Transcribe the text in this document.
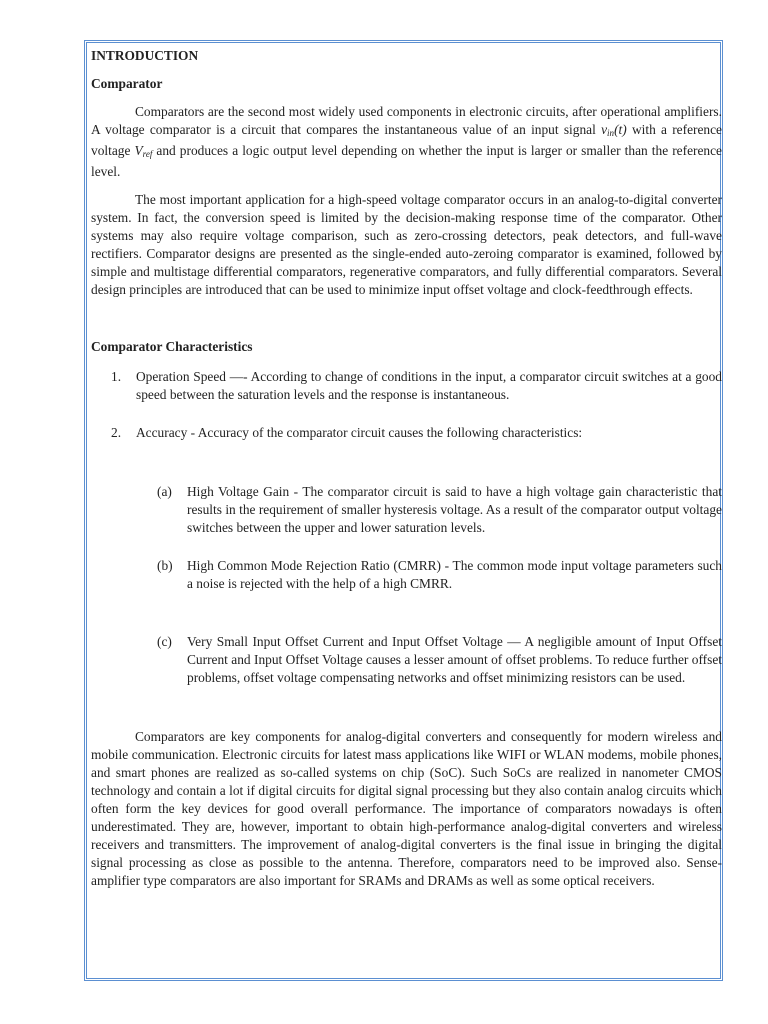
INTRODUCTION
Comparator

Comparators are the second most widely used components in electronic circuits, after operational amplifiers. A voltage comparator is a circuit that compares the instantaneous value of an input signal $v_{in}(t)$ with a reference voltage $V_{ref}$ and produces a logic output level depending on whether the input is larger or smaller than the reference level.

The most important application for a high-speed voltage comparator occurs in an analog-to-digital converter system. In fact, the conversion speed is limited by the decision-making response time of the comparator. Other systems may also require voltage comparison, such as zero-crossing detectors, peak detectors, and full-wave rectifiers. Comparator designs are presented as the single-ended auto-zeroing comparator is examined, followed by simple and multistage differential comparators, regenerative comparators, and fully differential comparators. Several design principles are introduced that can be used to minimize input offset voltage and clock-feedthrough effects.

Comparator Characteristics
1. Operation Speed —- According to change of conditions in the input, a comparator circuit switches at a good speed between the saturation levels and the response is instantaneous.
2. Accuracy - Accuracy of the comparator circuit causes the following characteristics:
(a) High Voltage Gain - The comparator circuit is said to have a high voltage gain characteristic that results in the requirement of smaller hysteresis voltage. As a result of the comparator output voltage switches between the upper and lower saturation levels.
(b) High Common Mode Rejection Ratio (CMRR) - The common mode input voltage parameters such a noise is rejected with the help of a high CMRR.
(c) Very Small Input Offset Current and Input Offset Voltage — A negligible amount of Input Offset Current and Input Offset Voltage causes a lesser amount of offset problems. To reduce further offset problems, offset voltage compensating networks and offset minimizing resistors can be used.

Comparators are key components for analog-digital converters and consequently for modern wireless and mobile communication. Electronic circuits for latest mass applications like WIFI or WLAN modems, mobile phones, and smart phones are realized as so-called systems on chip (SoC). Such SoCs are realized in nanometer CMOS technology and contain a lot if digital circuits for digital signal processing but they also contain analog circuits which often form the key devices for good overall performance. The importance of comparators nowadays is often underestimated. They are, however, important to obtain high-performance analog-digital converters and wireless receivers and transmitters. The improvement of analog-digital converters is the final issue in bringing the digital signal processing as close as possible to the antenna. Therefore, comparators need to be improved also. Sense-amplifier type comparators are also important for SRAMs and DRAMs as well as some optical receivers.
